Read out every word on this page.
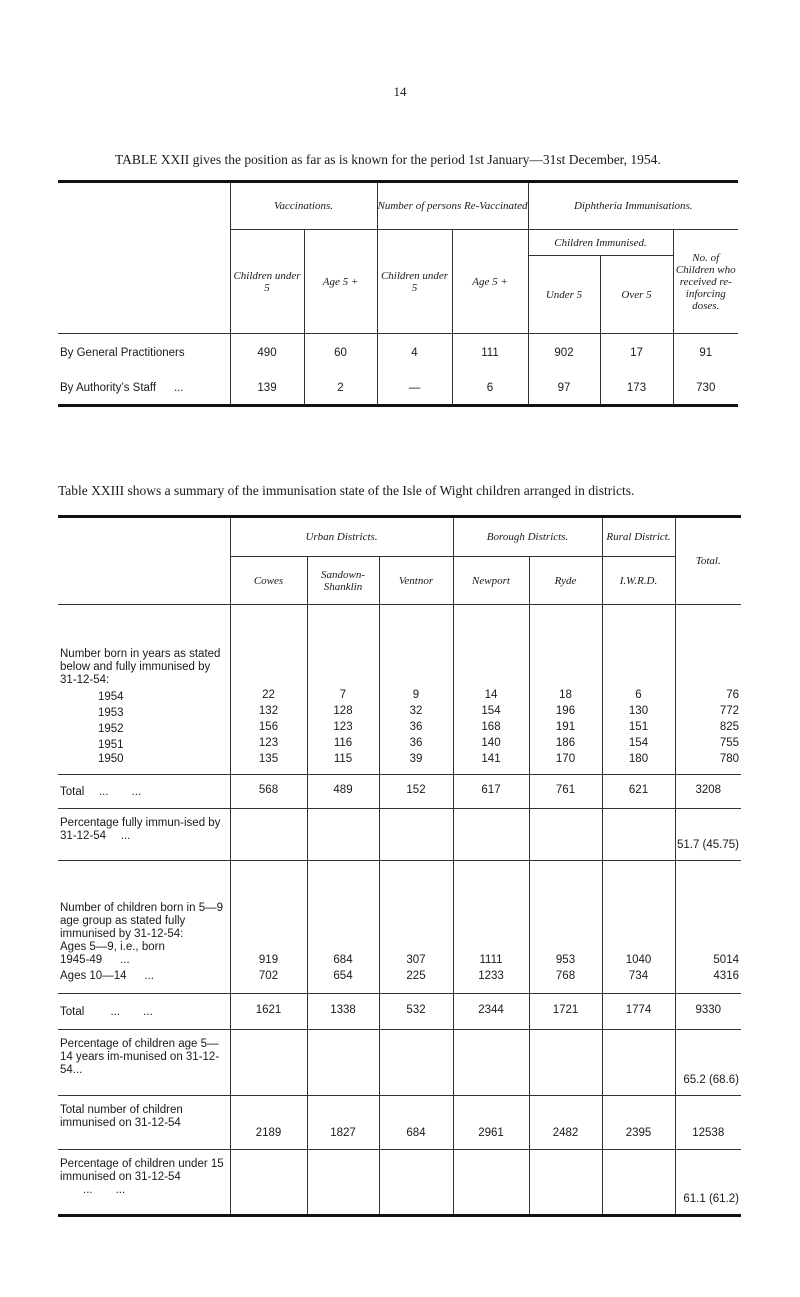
14
TABLE XXII gives the position as far as is known for the period 1st January—31st December, 1954.
	Vaccinations.		Number of persons Re-Vaccinated		Diphtheria Immunisations.		
	Children under 5	Age 5 +	Children under 5	Age 5 +	Children Immunised.		No. of Children who received re-inforcing doses.
					Under 5	Over 5	
By General Practitioners	490	60	4	111	902	17	91
By Authority’s Staff   ...	139	2	—	6	97	173	730
Table XXIII shows a summary of the immunisation state of the Isle of Wight children arranged in districts.
	Urban Districts.			Borough Districts.		Rural District.	Total.
	Cowes	Sandown-Shanklin	Ventnor	Newport	Ryde	I.W.R.D.	
Number born in years as stated below and fully immunised by 31-12-54:							
1954	22	7	9	14	18	6	76
1953	132	128	32	154	196	130	772
1952	156	123	36	168	191	151	825
1951	123	116	36	140	186	154	755
1950	135	115	39	141	170	180	780
Total  ...  ...	568	489	152	617	761	621	3208
Percentage fully immun-ised by 31-12-54  ...							51.7 (45.75)
Number of children born in 5—9 age group as stated fully immunised by 31-12-54:
Ages 5—9, i.e., born
1945-49   ...	919	684	307	1111	953	1040	5014
Ages 10—14   ...	702	654	225	1233	768	734	4316
Total   ...  ...	1621	1338	532	2344	1721	1774	9330
Percentage of children age 5—14 years im-munised on 31-12-54...							65.2 (68.6)
Total number of children immunised on 31-12-54	2189	1827	684	2961	2482	2395	12538
Percentage of children under 15 immunised on 31-12-54   ...  ...							61.1 (61.2)
